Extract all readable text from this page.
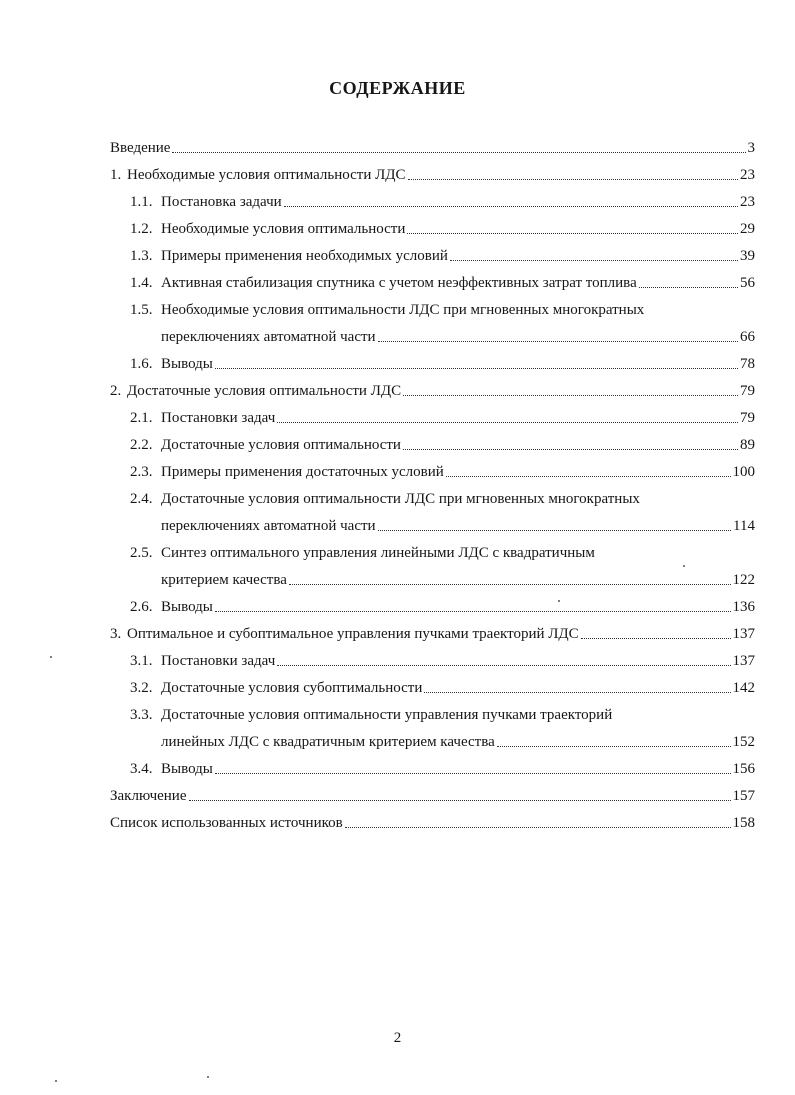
СОДЕРЖАНИЕ
Введение	3
1. Необходимые условия оптимальности ЛДС	23
1.1. Постановка задачи	23
1.2. Необходимые условия оптимальности	29
1.3. Примеры применения необходимых условий	39
1.4. Активная стабилизация спутника с учетом неэффективных затрат топлива	56
1.5. Необходимые условия оптимальности ЛДС при мгновенных многократных
переключениях автоматной части	66
1.6. Выводы	78
2. Достаточные условия оптимальности ЛДС	79
2.1. Постановки задач	79
2.2. Достаточные условия оптимальности	89
2.3. Примеры применения достаточных условий	100
2.4. Достаточные условия оптимальности ЛДС при мгновенных многократных
переключениях автоматной части	114
2.5. Синтез оптимального управления линейными ЛДС с квадратичным
критерием качества	122
2.6. Выводы	136
3. Оптимальное и субоптимальное управления пучками траекторий ЛДС	137
3.1. Постановки задач	137
3.2. Достаточные условия субоптимальности	142
3.3. Достаточные условия оптимальности управления пучками траекторий
линейных ЛДС с квадратичным критерием качества	152
3.4. Выводы	156
Заключение	157
Список использованных источников	158
2
